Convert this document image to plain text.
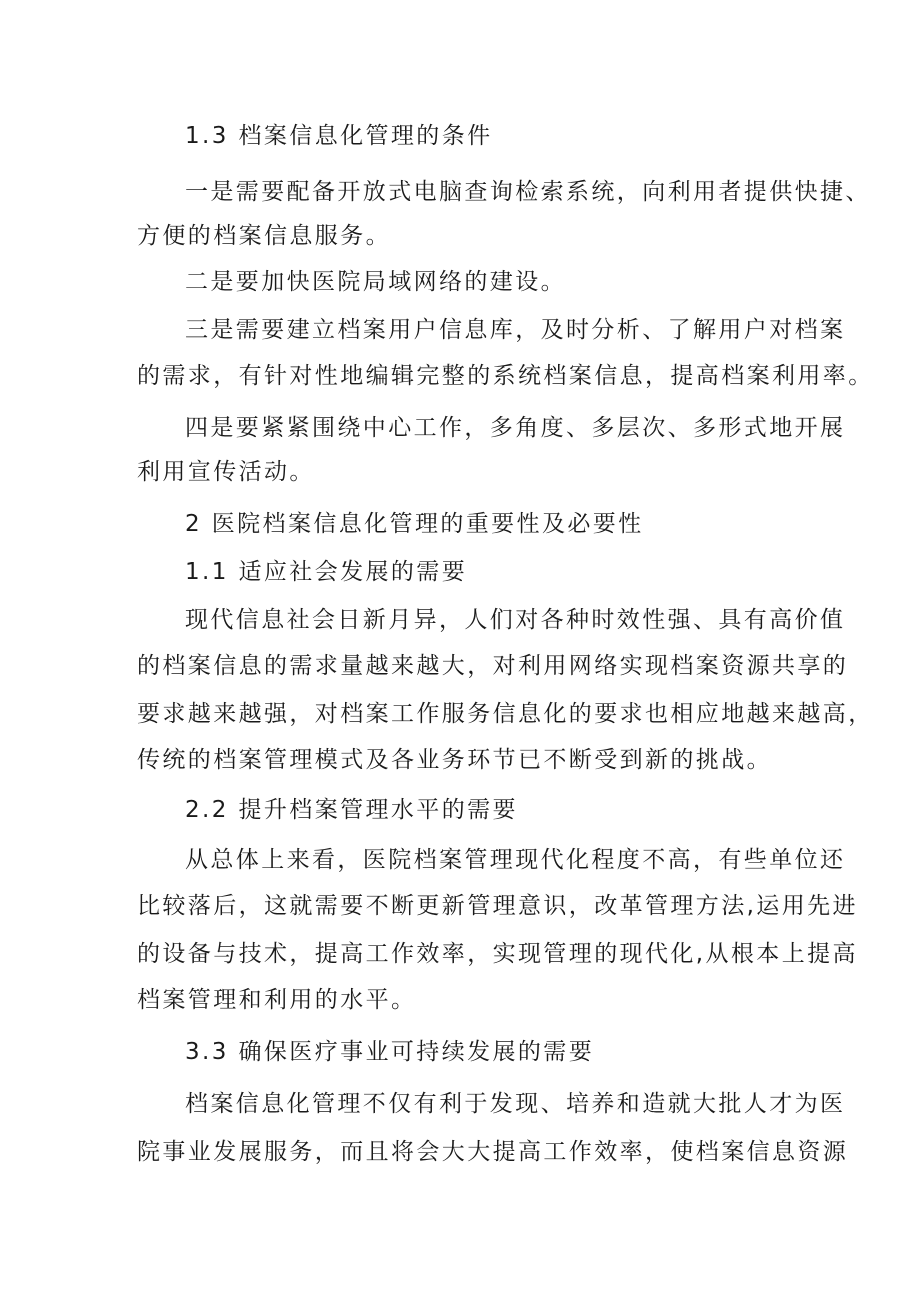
1.3 档案信息化管理的条件
一是需要配备开放式电脑查询检索系统，向利用者提供快捷、
方便的档案信息服务。
二是要加快医院局域网络的建设。
三是需要建立档案用户信息库，及时分析、了解用户对档案
的需求，有针对性地编辑完整的系统档案信息，提高档案利用率。
四是要紧紧围绕中心工作，多角度、多层次、多形式地开展
利用宣传活动。
2 医院档案信息化管理的重要性及必要性
1.1 适应社会发展的需要
现代信息社会日新月异，人们对各种时效性强、具有高价值
的档案信息的需求量越来越大，对利用网络实现档案资源共享的
要求越来越强，对档案工作服务信息化的要求也相应地越来越高，
传统的档案管理模式及各业务环节已不断受到新的挑战。
2.2 提升档案管理水平的需要
从总体上来看，医院档案管理现代化程度不高，有些单位还
比较落后，这就需要不断更新管理意识，改革管理方法,运用先进
的设备与技术，提高工作效率，实现管理的现代化,从根本上提高
档案管理和利用的水平。
3.3 确保医疗事业可持续发展的需要
档案信息化管理不仅有利于发现、培养和造就大批人才为医
院事业发展服务，而且将会大大提高工作效率，使档案信息资源
